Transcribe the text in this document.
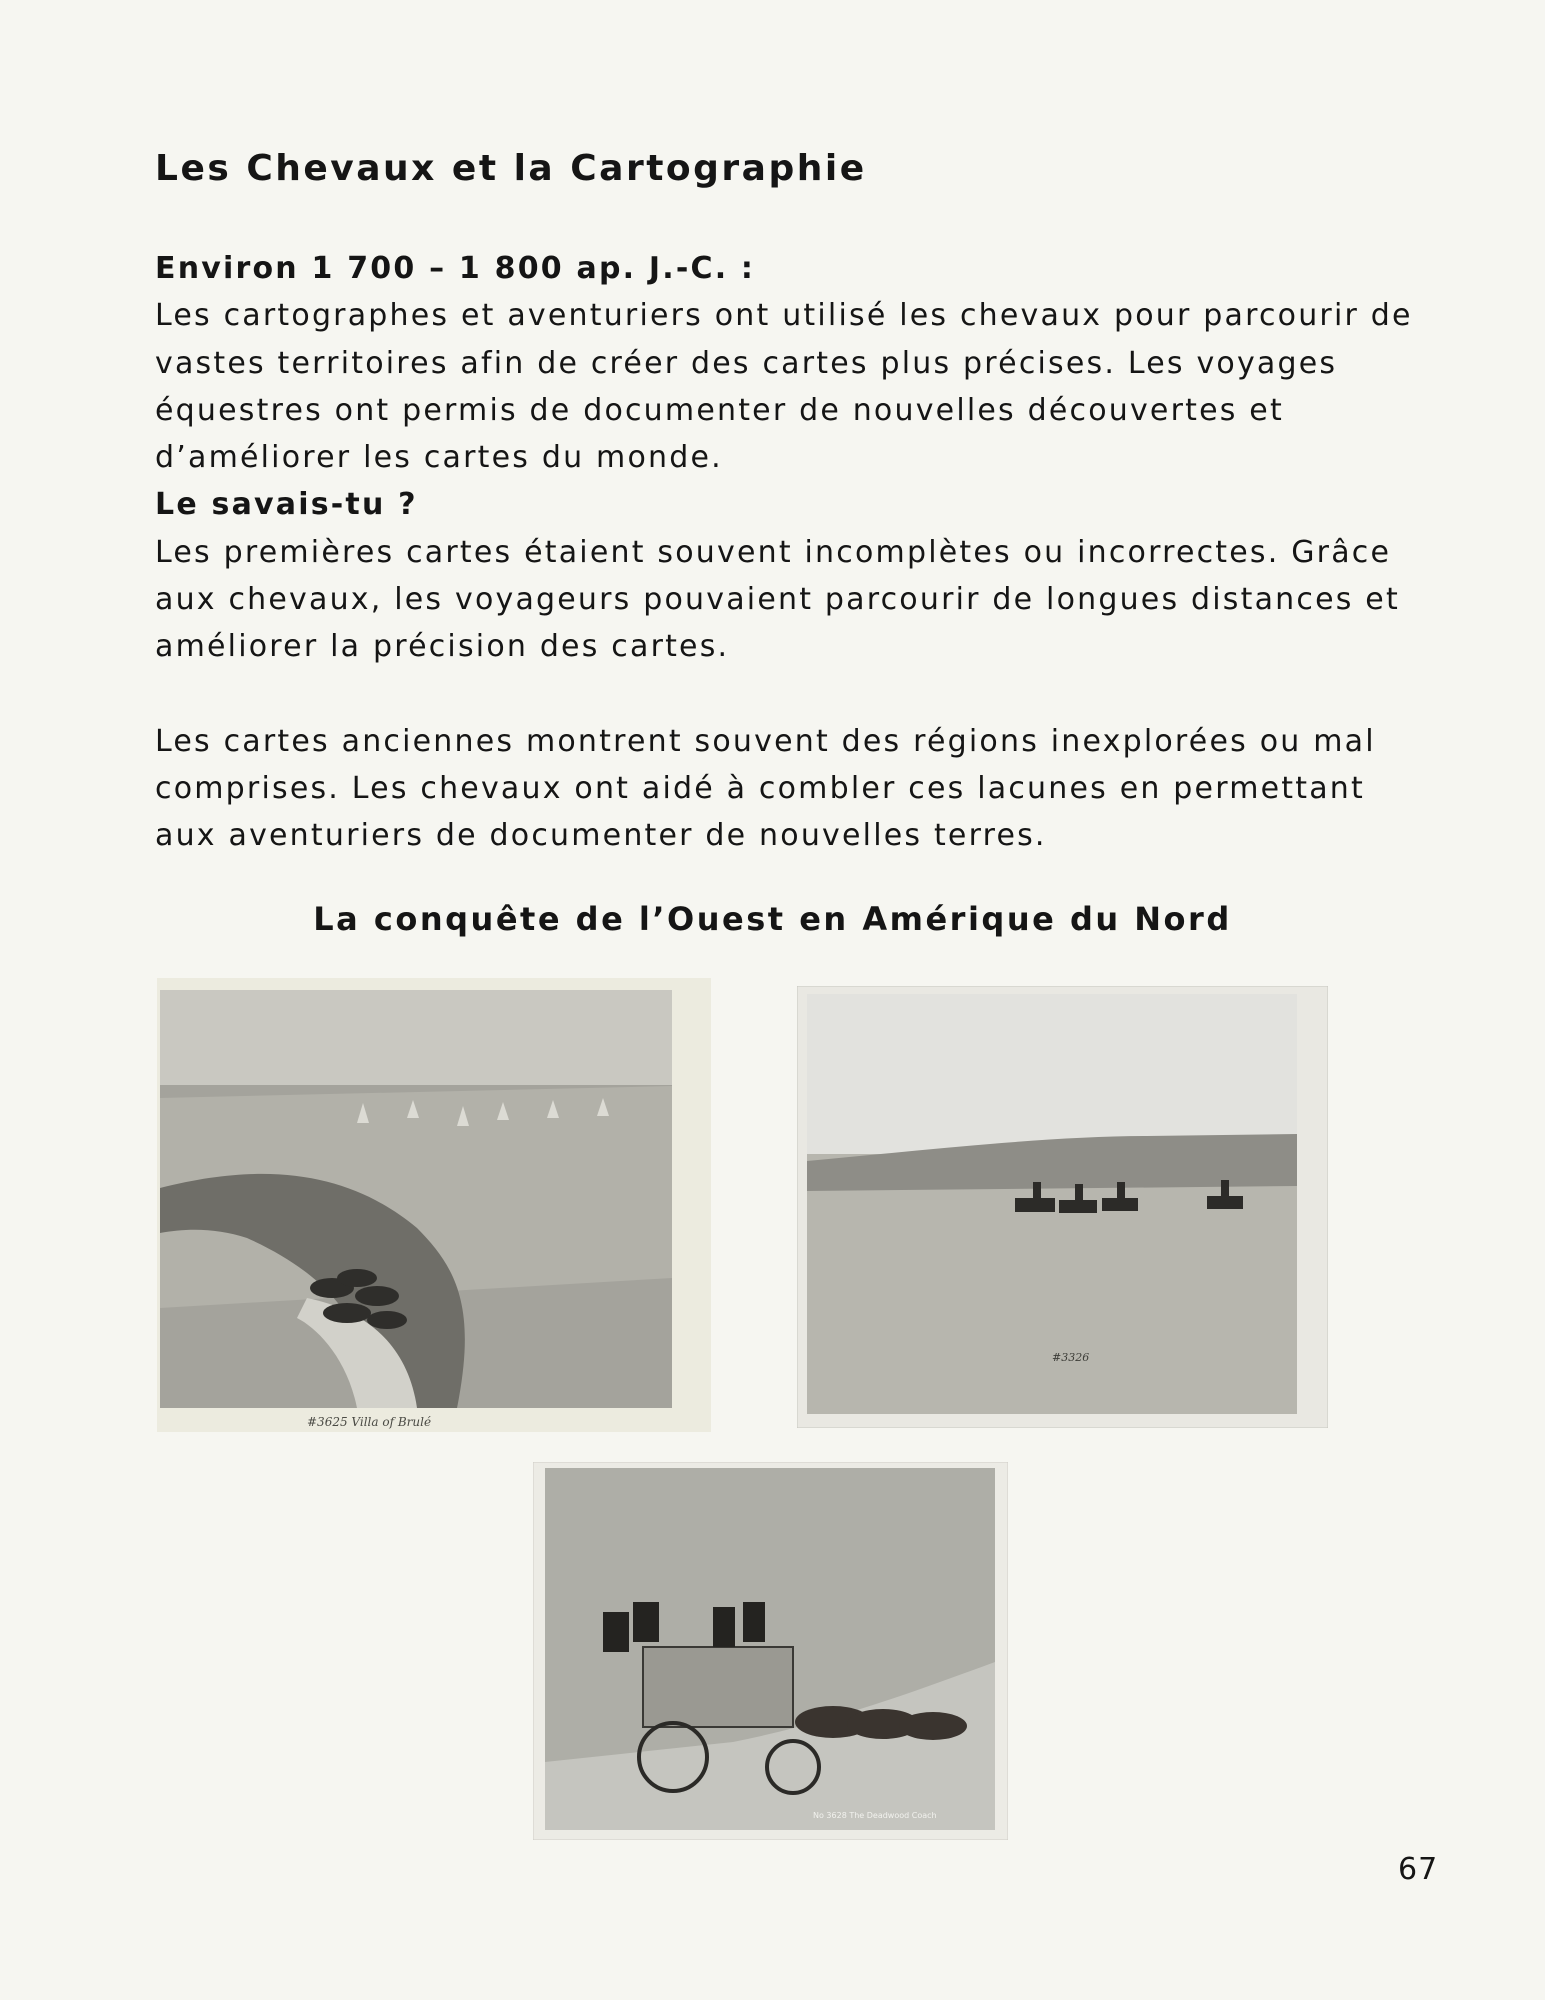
Les Chevaux et la Cartographie

Environ 1 700 – 1 800 ap. J.-C. :

Les cartographes et aventuriers ont utilisé les chevaux pour parcourir de

vastes territoires afin de créer des cartes plus précises. Les voyages

équestres ont permis de documenter de nouvelles découvertes et

d’améliorer les cartes du monde.

Le savais-tu ?

Les premières cartes étaient souvent incomplètes ou incorrectes. Grâce

aux chevaux, les voyageurs pouvaient parcourir de longues distances et

améliorer la précision des cartes.

Les cartes anciennes montrent souvent des régions inexplorées ou mal

comprises. Les chevaux ont aidé à combler ces lacunes en permettant

aux aventuriers de documenter de nouvelles terres.

La conquête de l’Ouest en Amérique du Nord
#3625 Villa of Brulé
#3326
No 3628 The Deadwood Coach

67
